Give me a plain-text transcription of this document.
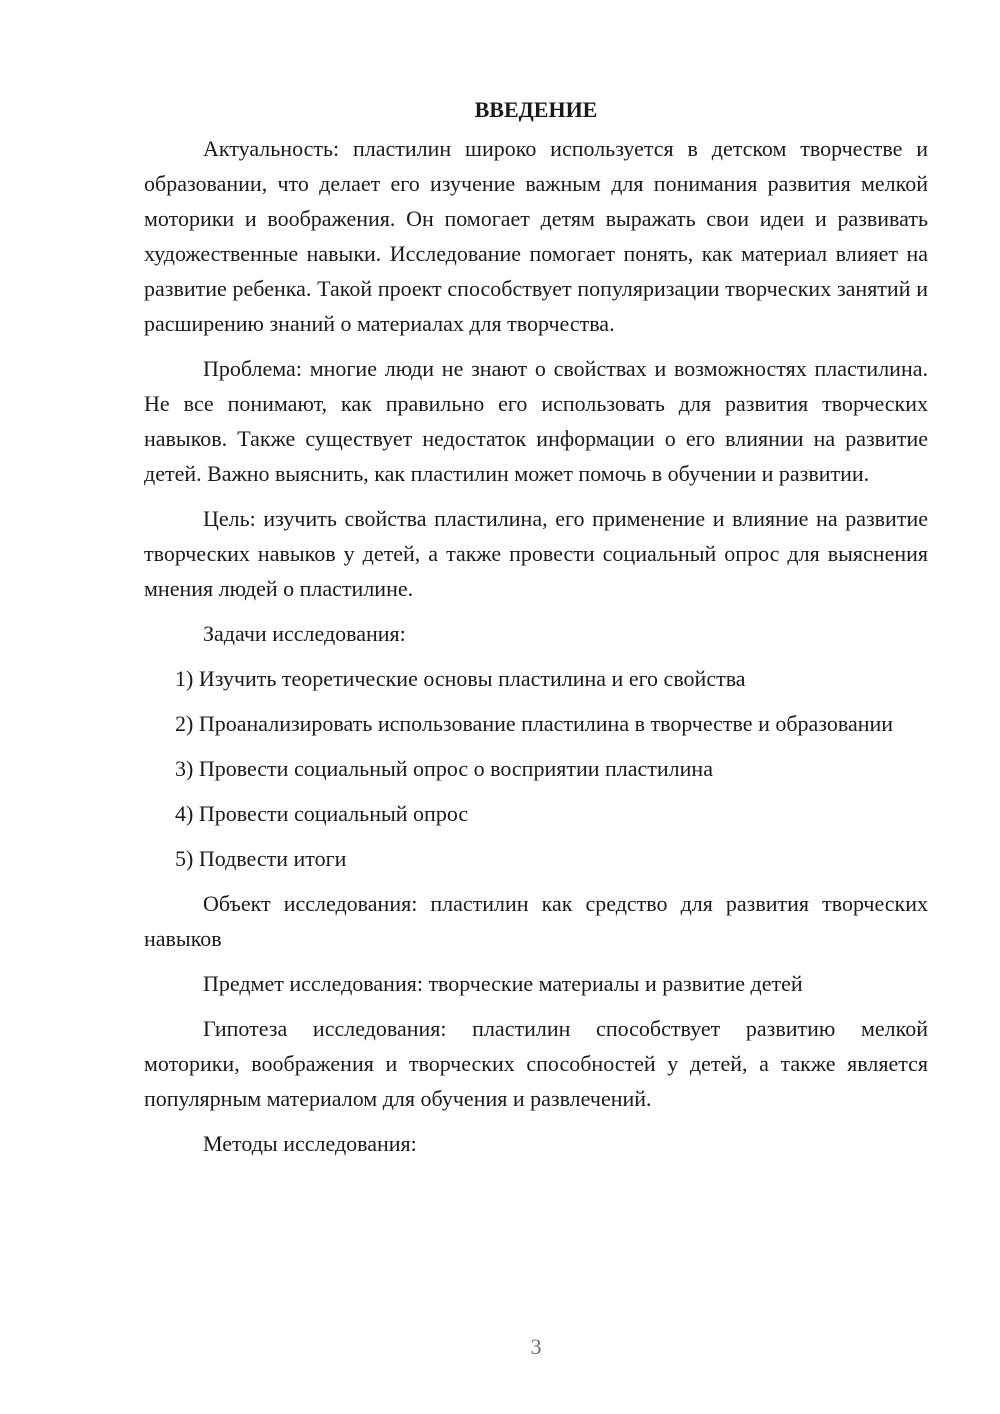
ВВЕДЕНИЕ

Актуальность: пластилин широко используется в детском творчестве и образовании, что делает его изучение важным для понимания развития мелкой моторики и воображения. Он помогает детям выражать свои идеи и развивать художественные навыки. Исследование помогает понять, как материал влияет на развитие ребенка. Такой проект способствует популяризации творческих занятий и расширению знаний о материалах для творчества.

Проблема: многие люди не знают о свойствах и возможностях пластилина. Не все понимают, как правильно его использовать для развития творческих навыков. Также существует недостаток информации о его влиянии на развитие детей. Важно выяснить, как пластилин может помочь в обучении и развитии.

Цель: изучить свойства пластилина, его применение и влияние на развитие творческих навыков у детей, а также провести социальный опрос для выяснения мнения людей о пластилине.

Задачи исследования:

1) Изучить теоретические основы пластилина и его свойства

2) Проанализировать использование пластилина в творчестве и образовании

3) Провести социальный опрос о восприятии пластилина

4) Провести социальный опрос

5) Подвести итоги

Объект исследования: пластилин как средство для развития творческих навыков

Предмет исследования: творческие материалы и развитие детей

Гипотеза исследования: пластилин способствует развитию мелкой моторики, воображения и творческих способностей у детей, а также является популярным материалом для обучения и развлечений.

Методы исследования:

3
